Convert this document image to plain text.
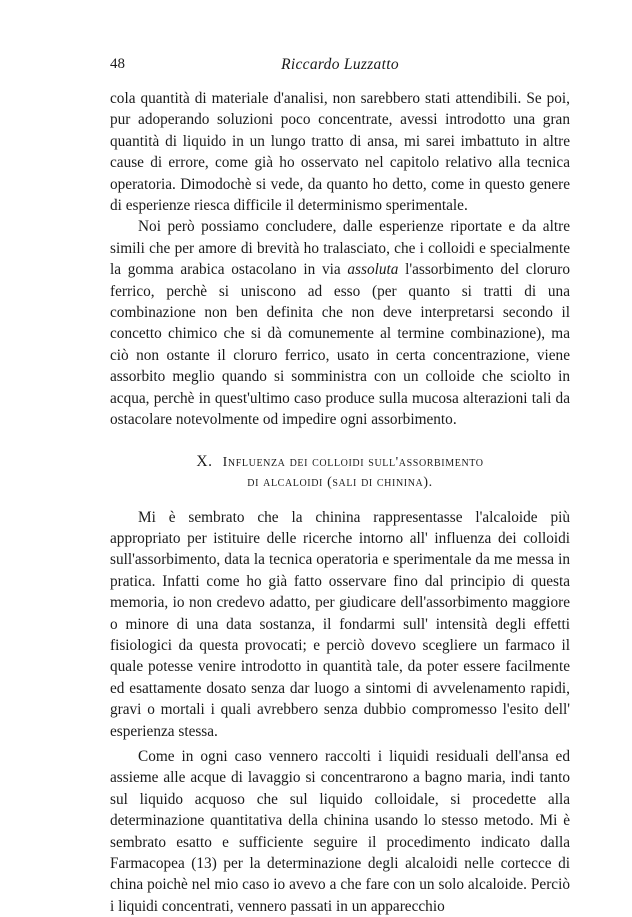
48	Riccardo Luzzatto

cola quantità di materiale d'analisi, non sarebbero stati attendibili. Se poi, pur adoperando soluzioni poco concentrate, avessi introdotto una gran quantità di liquido in un lungo tratto di ansa, mi sarei imbattuto in altre cause di errore, come già ho osservato nel capitolo relativo alla tecnica operatoria. Dimodochè si vede, da quanto ho detto, come in questo genere di esperienze riesca difficile il determinismo sperimentale.

Noi però possiamo concludere, dalle esperienze riportate e da altre simili che per amore di brevità ho tralasciato, che i colloidi e specialmente la gomma arabica ostacolano in via assoluta l'assorbimento del cloruro ferrico, perchè si uniscono ad esso (per quanto si tratti di una combinazione non ben definita che non deve interpretarsi secondo il concetto chimico che si dà comunemente al termine combinazione), ma ciò non ostante il cloruro ferrico, usato in certa concentrazione, viene assorbito meglio quando si somministra con un colloide che sciolto in acqua, perchè in quest'ultimo caso produce sulla mucosa alterazioni tali da ostacolare notevolmente od impedire ogni assorbimento.

X. Influenza dei colloidi sull'assorbimento
di alcaloidi (sali di chinina).

Mi è sembrato che la chinina rappresentasse l'alcaloide più appropriato per istituire delle ricerche intorno all' influenza dei colloidi sull'assorbimento, data la tecnica operatoria e sperimentale da me messa in pratica. Infatti come ho già fatto osservare fino dal principio di questa memoria, io non credevo adatto, per giudicare dell'assorbimento maggiore o minore di una data sostanza, il fondarmi sull' intensità degli effetti fisiologici da questa provocati; e perciò dovevo scegliere un farmaco il quale potesse venire introdotto in quantità tale, da poter essere facilmente ed esattamente dosato senza dar luogo a sintomi di avvelenamento rapidi, gravi o mortali i quali avrebbero senza dubbio compromesso l'esito dell' esperienza stessa.

Come in ogni caso vennero raccolti i liquidi residuali dell'ansa ed assieme alle acque di lavaggio si concentrarono a bagno maria, indi tanto sul liquido acquoso che sul liquido colloidale, si procedette alla determinazione quantitativa della chinina usando lo stesso metodo. Mi è sembrato esatto e sufficiente seguire il procedimento indicato dalla Farmacopea (13) per la determinazione degli alcaloidi nelle cortecce di china poichè nel mio caso io avevo a che fare con un solo alcaloide. Perciò i liquidi concentrati, vennero passati in un apparecchio
